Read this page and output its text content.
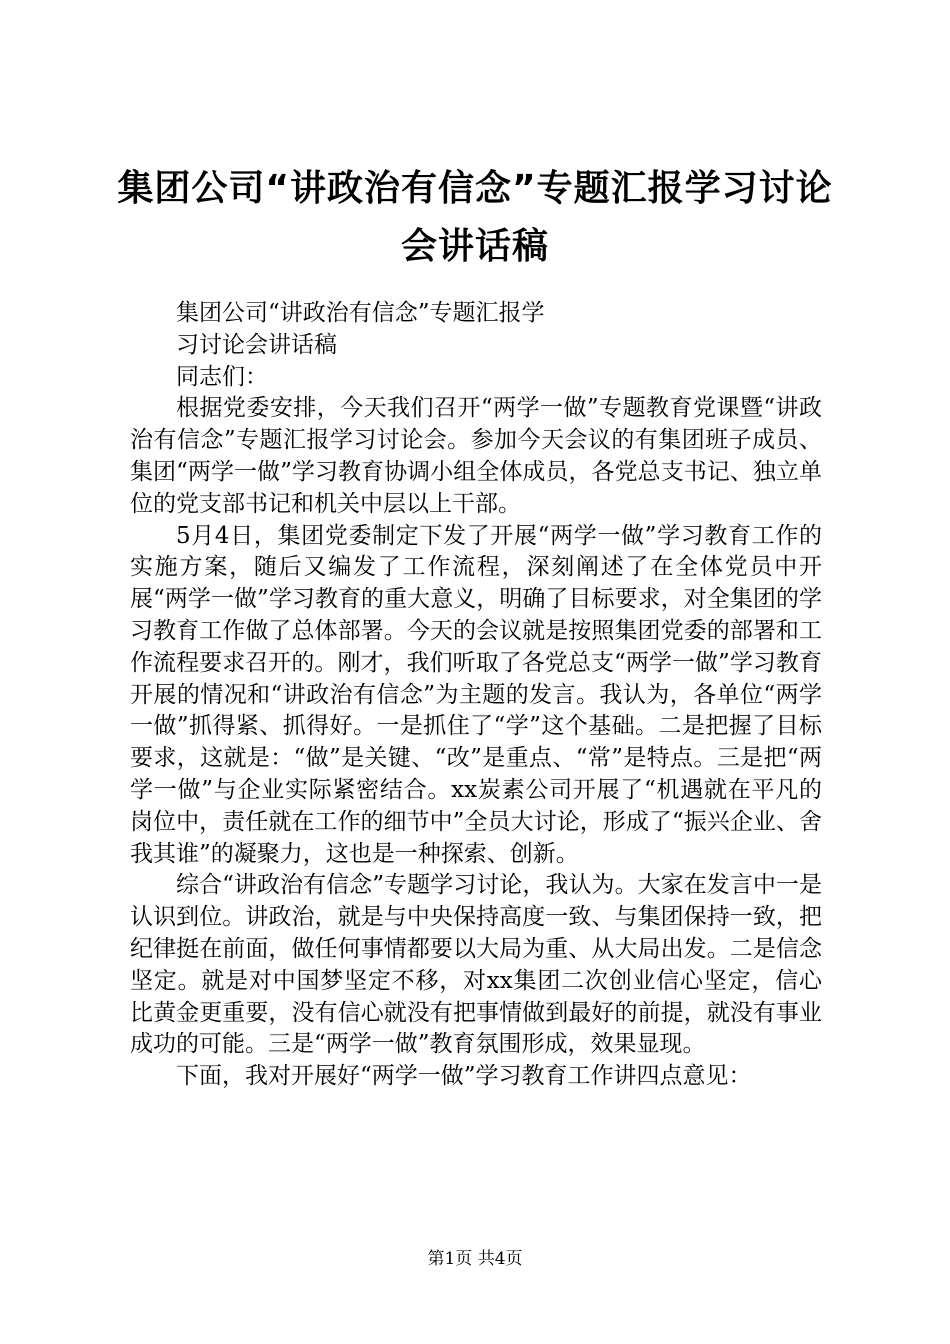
集团公司“讲政治有信念”专题汇报学习讨论
会讲话稿

集团公司“讲政治有信念”专题汇报学

习讨论会讲话稿

同志们：

根据党委安排，今天我们召开“两学一做”专题教育党课暨“讲政治有信念”专题汇报学习讨论会。参加今天会议的有集团班子成员、集团“两学一做”学习教育协调小组全体成员，各党总支书记、独立单位的党支部书记和机关中层以上干部。

5月4日，集团党委制定下发了开展“两学一做”学习教育工作的实施方案，随后又编发了工作流程，深刻阐述了在全体党员中开展“两学一做”学习教育的重大意义，明确了目标要求，对全集团的学习教育工作做了总体部署。今天的会议就是按照集团党委的部署和工作流程要求召开的。刚才，我们听取了各党总支“两学一做”学习教育开展的情况和“讲政治有信念”为主题的发言。我认为，各单位“两学一做”抓得紧、抓得好。一是抓住了“学”这个基础。二是把握了目标要求，这就是：“做”是关键、“改”是重点、“常”是特点。三是把“两学一做”与企业实际紧密结合。xx炭素公司开展了“机遇就在平凡的岗位中，责任就在工作的细节中”全员大讨论，形成了“振兴企业、舍我其谁”的凝聚力，这也是一种探索、创新。

综合“讲政治有信念”专题学习讨论，我认为。大家在发言中一是认识到位。讲政治，就是与中央保持高度一致、与集团保持一致，把纪律挺在前面，做任何事情都要以大局为重、从大局出发。二是信念坚定。就是对中国梦坚定不移，对xx集团二次创业信心坚定，信心比黄金更重要，没有信心就没有把事情做到最好的前提，就没有事业成功的可能。三是“两学一做”教育氛围形成，效果显现。

下面，我对开展好“两学一做”学习教育工作讲四点意见：

第1页 共4页
